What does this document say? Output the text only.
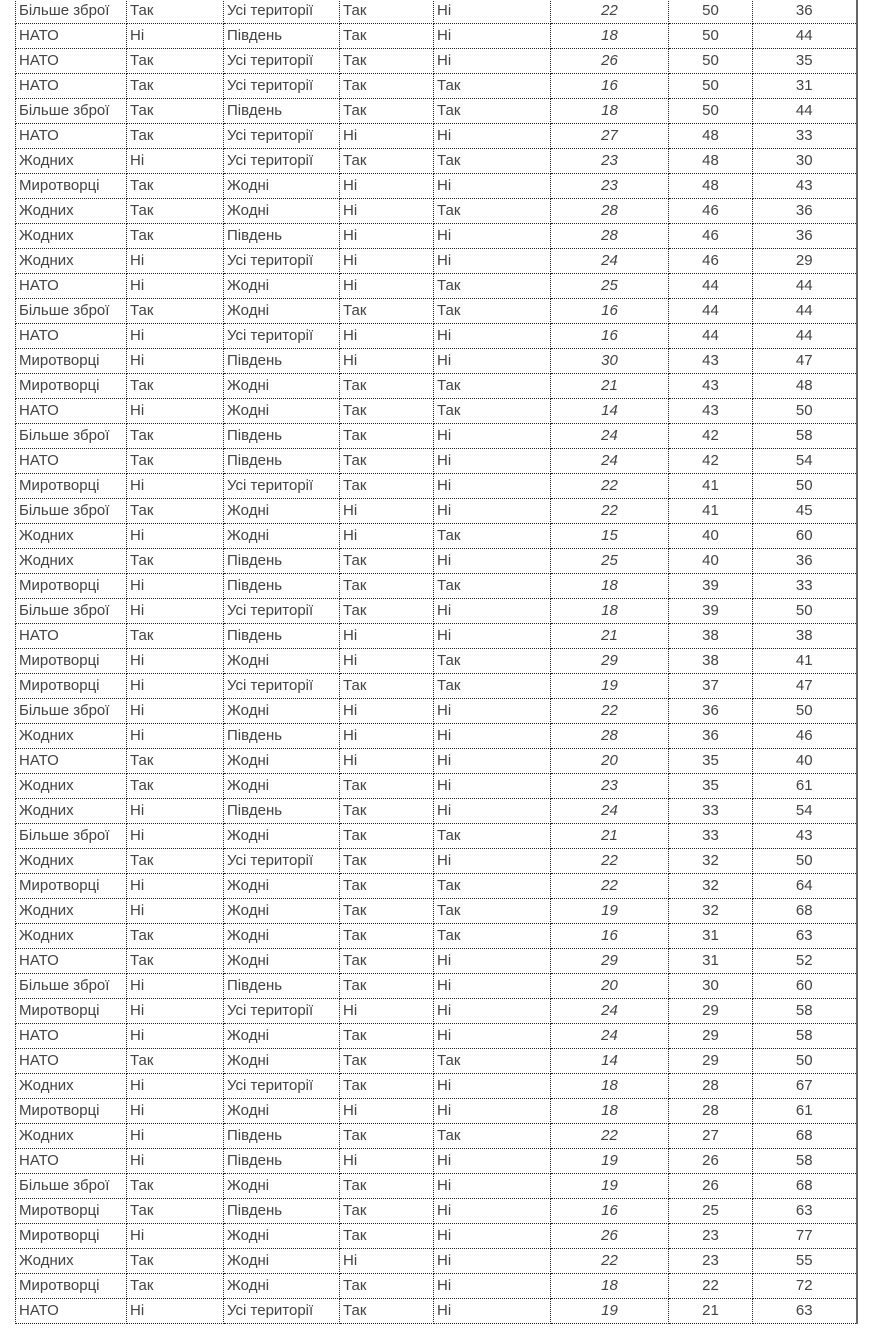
Більше зброї	Так	Усі території	Так	Ні	22	50	36
НАТО	Ні	Південь	Так	Ні	18	50	44
НАТО	Так	Усі території	Так	Ні	26	50	35
НАТО	Так	Усі території	Так	Так	16	50	31
Більше зброї	Так	Південь	Так	Так	18	50	44
НАТО	Так	Усі території	Ні	Ні	27	48	33
Жодних	Ні	Усі території	Так	Так	23	48	30
Миротворці	Так	Жодні	Ні	Ні	23	48	43
Жодних	Так	Жодні	Ні	Так	28	46	36
Жодних	Так	Південь	Ні	Ні	28	46	36
Жодних	Ні	Усі території	Ні	Ні	24	46	29
НАТО	Ні	Жодні	Ні	Так	25	44	44
Більше зброї	Так	Жодні	Так	Так	16	44	44
НАТО	Ні	Усі території	Ні	Ні	16	44	44
Миротворці	Ні	Південь	Ні	Ні	30	43	47
Миротворці	Так	Жодні	Так	Так	21	43	48
НАТО	Ні	Жодні	Так	Так	14	43	50
Більше зброї	Так	Південь	Так	Ні	24	42	58
НАТО	Так	Південь	Так	Ні	24	42	54
Миротворці	Ні	Усі території	Так	Ні	22	41	50
Більше зброї	Так	Жодні	Ні	Ні	22	41	45
Жодних	Ні	Жодні	Ні	Так	15	40	60
Жодних	Так	Південь	Так	Ні	25	40	36
Миротворці	Ні	Південь	Так	Так	18	39	33
Більше зброї	Ні	Усі території	Так	Ні	18	39	50
НАТО	Так	Південь	Ні	Ні	21	38	38
Миротворці	Ні	Жодні	Ні	Так	29	38	41
Миротворці	Ні	Усі території	Так	Так	19	37	47
Більше зброї	Ні	Жодні	Ні	Ні	22	36	50
Жодних	Ні	Південь	Ні	Ні	28	36	46
НАТО	Так	Жодні	Ні	Ні	20	35	40
Жодних	Так	Жодні	Так	Ні	23	35	61
Жодних	Ні	Південь	Так	Ні	24	33	54
Більше зброї	Ні	Жодні	Так	Так	21	33	43
Жодних	Так	Усі території	Так	Ні	22	32	50
Миротворці	Ні	Жодні	Так	Так	22	32	64
Жодних	Ні	Жодні	Так	Так	19	32	68
Жодних	Так	Жодні	Так	Так	16	31	63
НАТО	Так	Жодні	Так	Ні	29	31	52
Більше зброї	Ні	Південь	Так	Ні	20	30	60
Миротворці	Ні	Усі території	Ні	Ні	24	29	58
НАТО	Ні	Жодні	Так	Ні	24	29	58
НАТО	Так	Жодні	Так	Так	14	29	50
Жодних	Ні	Усі території	Так	Ні	18	28	67
Миротворці	Ні	Жодні	Ні	Ні	18	28	61
Жодних	Ні	Південь	Так	Так	22	27	68
НАТО	Ні	Південь	Ні	Ні	19	26	58
Більше зброї	Так	Жодні	Так	Ні	19	26	68
Миротворці	Так	Південь	Так	Ні	16	25	63
Миротворці	Ні	Жодні	Так	Ні	26	23	77
Жодних	Так	Жодні	Ні	Ні	22	23	55
Миротворці	Так	Жодні	Так	Ні	18	22	72
НАТО	Ні	Усі території	Так	Ні	19	21	63
